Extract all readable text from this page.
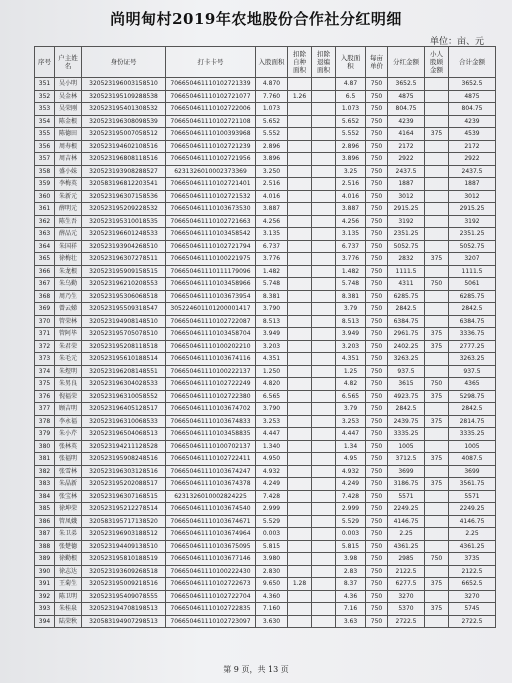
尚明甸村2019年农地股份合作社分红明细
单位：亩、元
序号	户主姓名	身份证号	打卡卡号	入股面积	扣除自种面积	扣除退编面积	入股面积	每亩单价	分红金额	小人股顾金额	合计金额
351	吴小明	320523196003158510	706650461110102721339	4.870			4.87	750	3652.5		3652.5
352	吴金林	320523195109288538	706650461110102721077	7.760	1.26		6.5	750	4875		4875
353	吴荣刚	320523195401308532	706650461110102722006	1.073			1.073	750	804.75		804.75
354	陈金根	320523196308098539	706650461110102721108	5.652			5.652	750	4239		4239
355	陈德田	320523195007058512	706650461110100393968	5.552			5.552	750	4164	375	4539
356	周寿根	320523194602108516	706650461110102721239	2.896			2.896	750	2172		2172
357	周吉林	320523196808118516	706650461110102721956	3.896			3.896	750	2922		2922
358	盛小妹	320523193908288527	6231326010002373369	3.250			3.25	750	2437.5		2437.5
359	李梅英	320583196812203541	706650461110102721401	2.516			2.516	750	1887		1887
360	朱新元	320523196307158536	706650461110102721532	4.016			4.016	750	3012		3012
361	薛明元	320523195209228532	706650461110103673530	3.887			3.887	750	2915.25		2915.25
362	陈生吾	320523195310018535	706650461110102721663	4.256			4.256	750	3192		3192
363	薛品元	320523196601248533	706650461110103458542	3.135			3.135	750	2351.25		2351.25
364	朱国祥	320523193904268510	706650461110102721794	6.737			6.737	750	5052.75		5052.75
365	徐梅壮	320523196307278511	706650461110100221975	3.776			3.776	750	2832	375	3207
366	朱龙根	320523195909158515	706650461110111179096	1.482			1.482	750	1111.5		1111.5
367	朱乌勤	320523196210208553	706650461110103458966	5.748			5.748	750	4311	750	5061
368	周乃生	320523195306068518	706650461110103673954	8.381			8.381	750	6285.75		6285.75
369	曾云娣	320523195509318547	305224601101200001417	3.790			3.79	750	2842.5		2842.5
370	管荣林	320523194908148510	706650461110102722087	8.513			8.513	750	6384.75		6384.75
371	管阿毕	320523195705078510	706650461110103458704	3.949			3.949	750	2961.75	375	3336.75
372	朱君荣	320523195208118518	706650461110100202210	3.203			3.203	750	2402.25	375	2777.25
373	朱毛元	320523195610188514	706650461110103674116	4.351			4.351	750	3263.25		3263.25
374	朱煜明	320523196208148551	706650461110100222137	1.250			1.25	750	937.5		937.5
375	朱男良	320523196304028533	706650461110102722249	4.820			4.82	750	3615	750	4365
376	倪福荣	320523196310058552	706650461110102722380	6.565			6.565	750	4923.75	375	5298.75
377	顾吉明	320523196405128517	706650461110103674702	3.790			3.79	750	2842.5		2842.5
378	李永福	320523196310068533	706650461110103674833	3.253			3.253	750	2439.75	375	2814.75
379	朱小芹	320523196504068513	706650461110103458835	4.447			4.447	750	3335.25		3335.25
380	张林英	320523194211128528	706650461110100702137	1.340			1.34	750	1005		1005
381	张福明	320523195908248516	706650461110102722411	4.950			4.95	750	3712.5	375	4087.5
382	张雪林	320523196303128516	706650461110103674247	4.932			4.932	750	3699		3699
383	朱晶新	320523195202088517	706650461110103674378	4.249			4.249	750	3186.75	375	3561.75
384	张宝林	320523196307168515	6231326010002824225	7.428			7.428	750	5571		5571
385	徐坤荣	320523195212278514	706650461110103674540	2.999			2.999	750	2249.25		2249.25
386	管凤娥	320583195717138520	706650461110103674671	5.529			5.529	750	4146.75		4146.75
387	朱卫弟	320523196903188512	706650461110103674964	0.003			0.003	750	2.25		2.25
388	张楚德	320523194409138510	706650461110103675095	5.815			5.815	750	4361.25		4361.25
389	徐勤根	320523195810188519	706650461110103677146	3.980			3.98	750	2985	750	3735
390	徐志达	320523193609268518	706650461110100222430	2.830			2.83	750	2122.5		2122.5
391	王菊生	320523195009218516	706650461110102722673	9.650	1.28		8.37	750	6277.5	375	6652.5
392	陈卫明	320523195409078555	706650461110102722704	4.360			4.36	750	3270		3270
393	朱桂泉	320523194708198513	706650461110102722835	7.160			7.16	750	5370	375	5745
394	陆荣秋	320583194907298513	706650461110102723097	3.630			3.63	750	2722.5		2722.5
第 9 页，共 13 页
